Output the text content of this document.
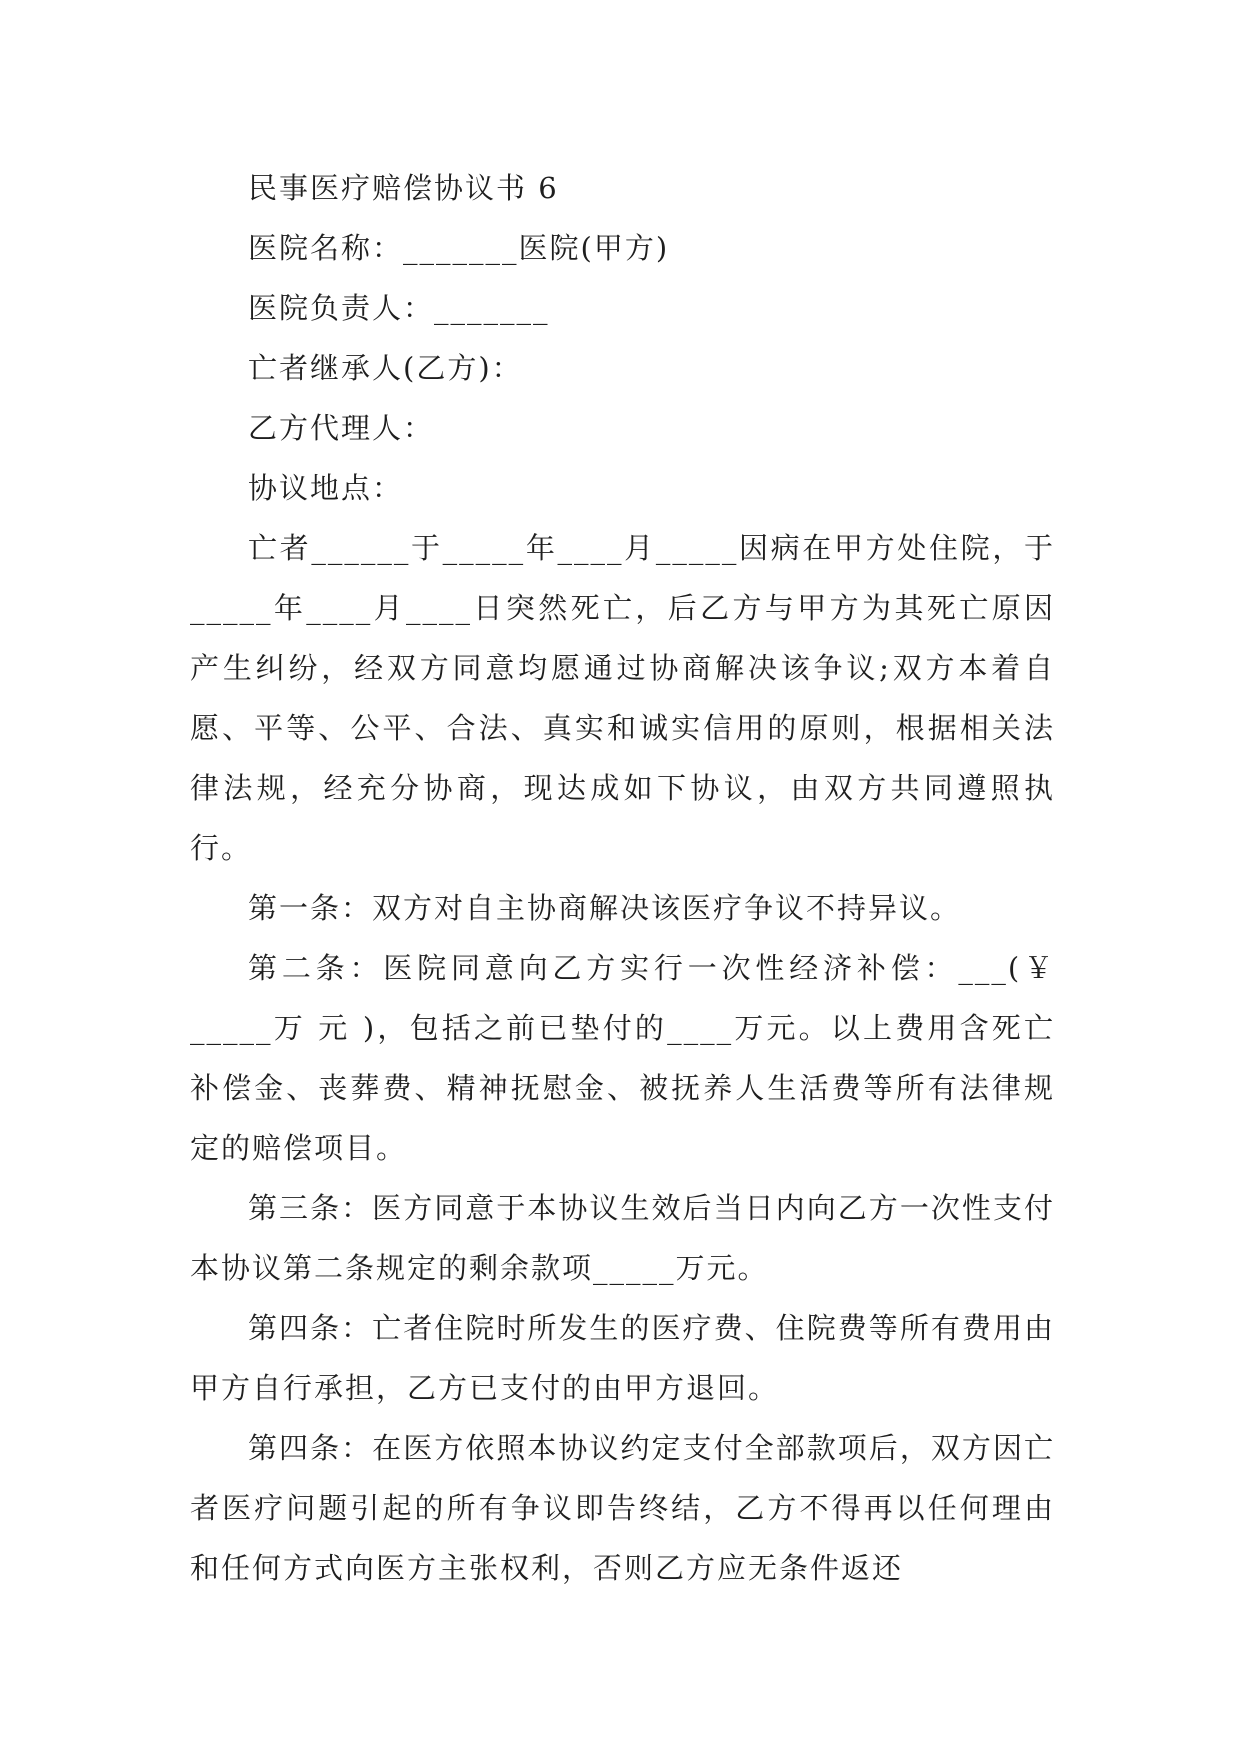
民事医疗赔偿协议书 6

医院名称：_______医院(甲方)

医院负责人：_______

亡者继承人(乙方)：

乙方代理人：

协议地点：

亡者______于_____年____月_____因病在甲方处住院，于_____年____月____日突然死亡，后乙方与甲方为其死亡原因产生纠纷，经双方同意均愿通过协商解决该争议;双方本着自愿、平等、公平、合法、真实和诚实信用的原则，根据相关法律法规，经充分协商，现达成如下协议，由双方共同遵照执行。

第一条：双方对自主协商解决该医疗争议不持异议。

第二条：医院同意向乙方实行一次性经济补偿：___(￥ _____万 元 )，包括之前已垫付的____万元。以上费用含死亡补偿金、丧葬费、精神抚慰金、被抚养人生活费等所有法律规定的赔偿项目。

第三条：医方同意于本协议生效后当日内向乙方一次性支付本协议第二条规定的剩余款项_____万元。

第四条：亡者住院时所发生的医疗费、住院费等所有费用由甲方自行承担，乙方已支付的由甲方退回。

第四条：在医方依照本协议约定支付全部款项后，双方因亡者医疗问题引起的所有争议即告终结，乙方不得再以任何理由和任何方式向医方主张权利，否则乙方应无条件返还
